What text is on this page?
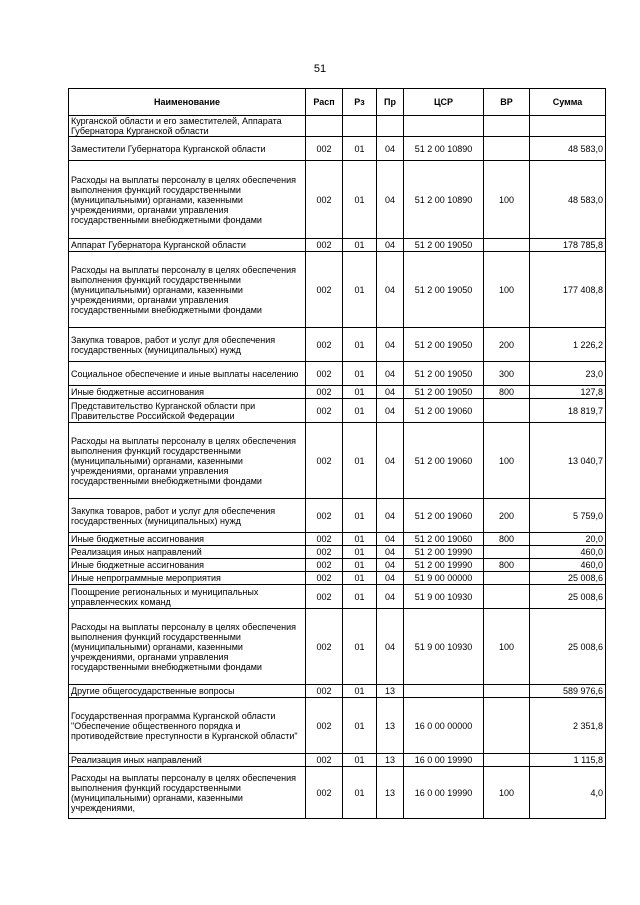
51
Наименование	Расп	Рз	Пр	ЦСР	ВР	Сумма
Курганской области и его заместителей, Аппарата Губернатора Курганской области						
Заместители Губернатора Курганской области	002	01	04	51 2 00 10890		48 583,0
Расходы на выплаты персоналу в целях обеспечения выполнения функций государственными (муниципальными) органами, казенными учреждениями, органами управления государственными внебюджетными фондами	002	01	04	51 2 00 10890	100	48 583,0
Аппарат Губернатора Курганской области	002	01	04	51 2 00 19050		178 785,8
Расходы на выплаты персоналу в целях обеспечения выполнения функций государственными (муниципальными) органами, казенными учреждениями, органами управления государственными внебюджетными фондами	002	01	04	51 2 00 19050	100	177 408,8
Закупка товаров, работ и услуг для обеспечения государственных (муниципальных) нужд	002	01	04	51 2 00 19050	200	1 226,2
Социальное обеспечение и иные выплаты населению	002	01	04	51 2 00 19050	300	23,0
Иные бюджетные ассигнования	002	01	04	51 2 00 19050	800	127,8
Представительство Курганской области при Правительстве Российской Федерации	002	01	04	51 2 00 19060		18 819,7
Расходы на выплаты персоналу в целях обеспечения выполнения функций государственными (муниципальными) органами, казенными учреждениями, органами управления государственными внебюджетными фондами	002	01	04	51 2 00 19060	100	13 040,7
Закупка товаров, работ и услуг для обеспечения государственных (муниципальных) нужд	002	01	04	51 2 00 19060	200	5 759,0
Иные бюджетные ассигнования	002	01	04	51 2 00 19060	800	20,0
Реализация иных направлений	002	01	04	51 2 00 19990		460,0
Иные бюджетные ассигнования	002	01	04	51 2 00 19990	800	460,0
Иные непрограммные мероприятия	002	01	04	51 9 00 00000		25 008,6
Поощрение региональных и муниципальных управленческих команд	002	01	04	51 9 00 10930		25 008,6
Расходы на выплаты персоналу в целях обеспечения выполнения функций государственными (муниципальными) органами, казенными учреждениями, органами управления государственными внебюджетными фондами	002	01	04	51 9 00 10930	100	25 008,6
Другие общегосударственные вопросы	002	01	13			589 976,6
Государственная программа Курганской области "Обеспечение общественного порядка и противодействие преступности в Курганской области"	002	01	13	16 0 00 00000		2 351,8
Реализация иных направлений	002	01	13	16 0 00 19990		1 115,8
Расходы на выплаты персоналу в целях обеспечения выполнения функций государственными (муниципальными) органами, казенными учреждениями,	002	01	13	16 0 00 19990	100	4,0
